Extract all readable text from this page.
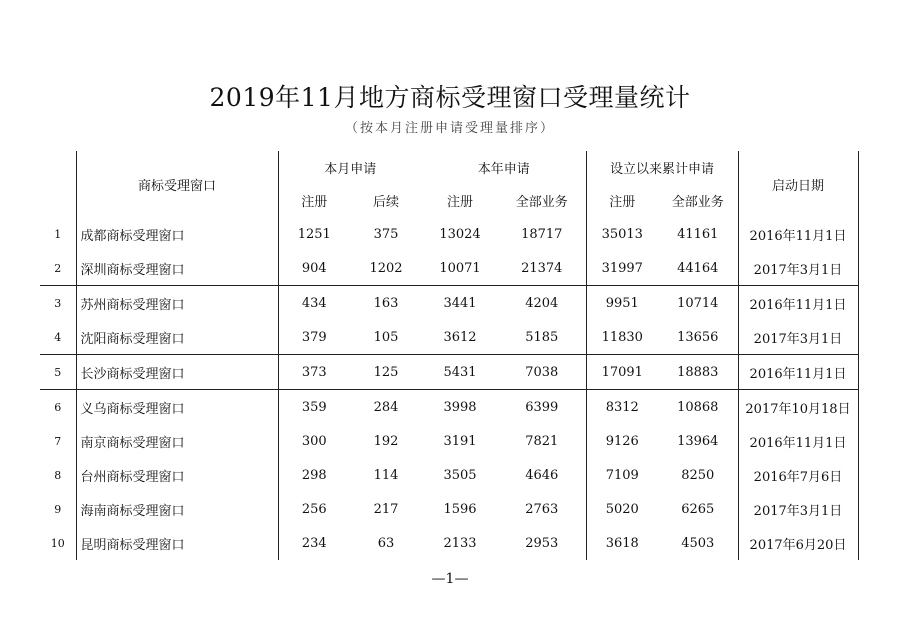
2019年11月地方商标受理窗口受理量统计
（按本月注册申请受理量排序）
	商标受理窗口	本月申请		本年申请		设立以来累计申请		启动日期
		注册	后续	注册	全部业务	注册	全部业务	
1	成都商标受理窗口	1251	375	13024	18717	35013	41161	2016年11月1日
2	深圳商标受理窗口	904	1202	10071	21374	31997	44164	2017年3月1日
3	苏州商标受理窗口	434	163	3441	4204	9951	10714	2016年11月1日
4	沈阳商标受理窗口	379	105	3612	5185	11830	13656	2017年3月1日
5	长沙商标受理窗口	373	125	5431	7038	17091	18883	2016年11月1日
6	义乌商标受理窗口	359	284	3998	6399	8312	10868	2017年10月18日
7	南京商标受理窗口	300	192	3191	7821	9126	13964	2016年11月1日
8	台州商标受理窗口	298	114	3505	4646	7109	8250	2016年7月6日
9	海南商标受理窗口	256	217	1596	2763	5020	6265	2017年3月1日
10	昆明商标受理窗口	234	63	2133	2953	3618	4503	2017年6月20日
—1—
